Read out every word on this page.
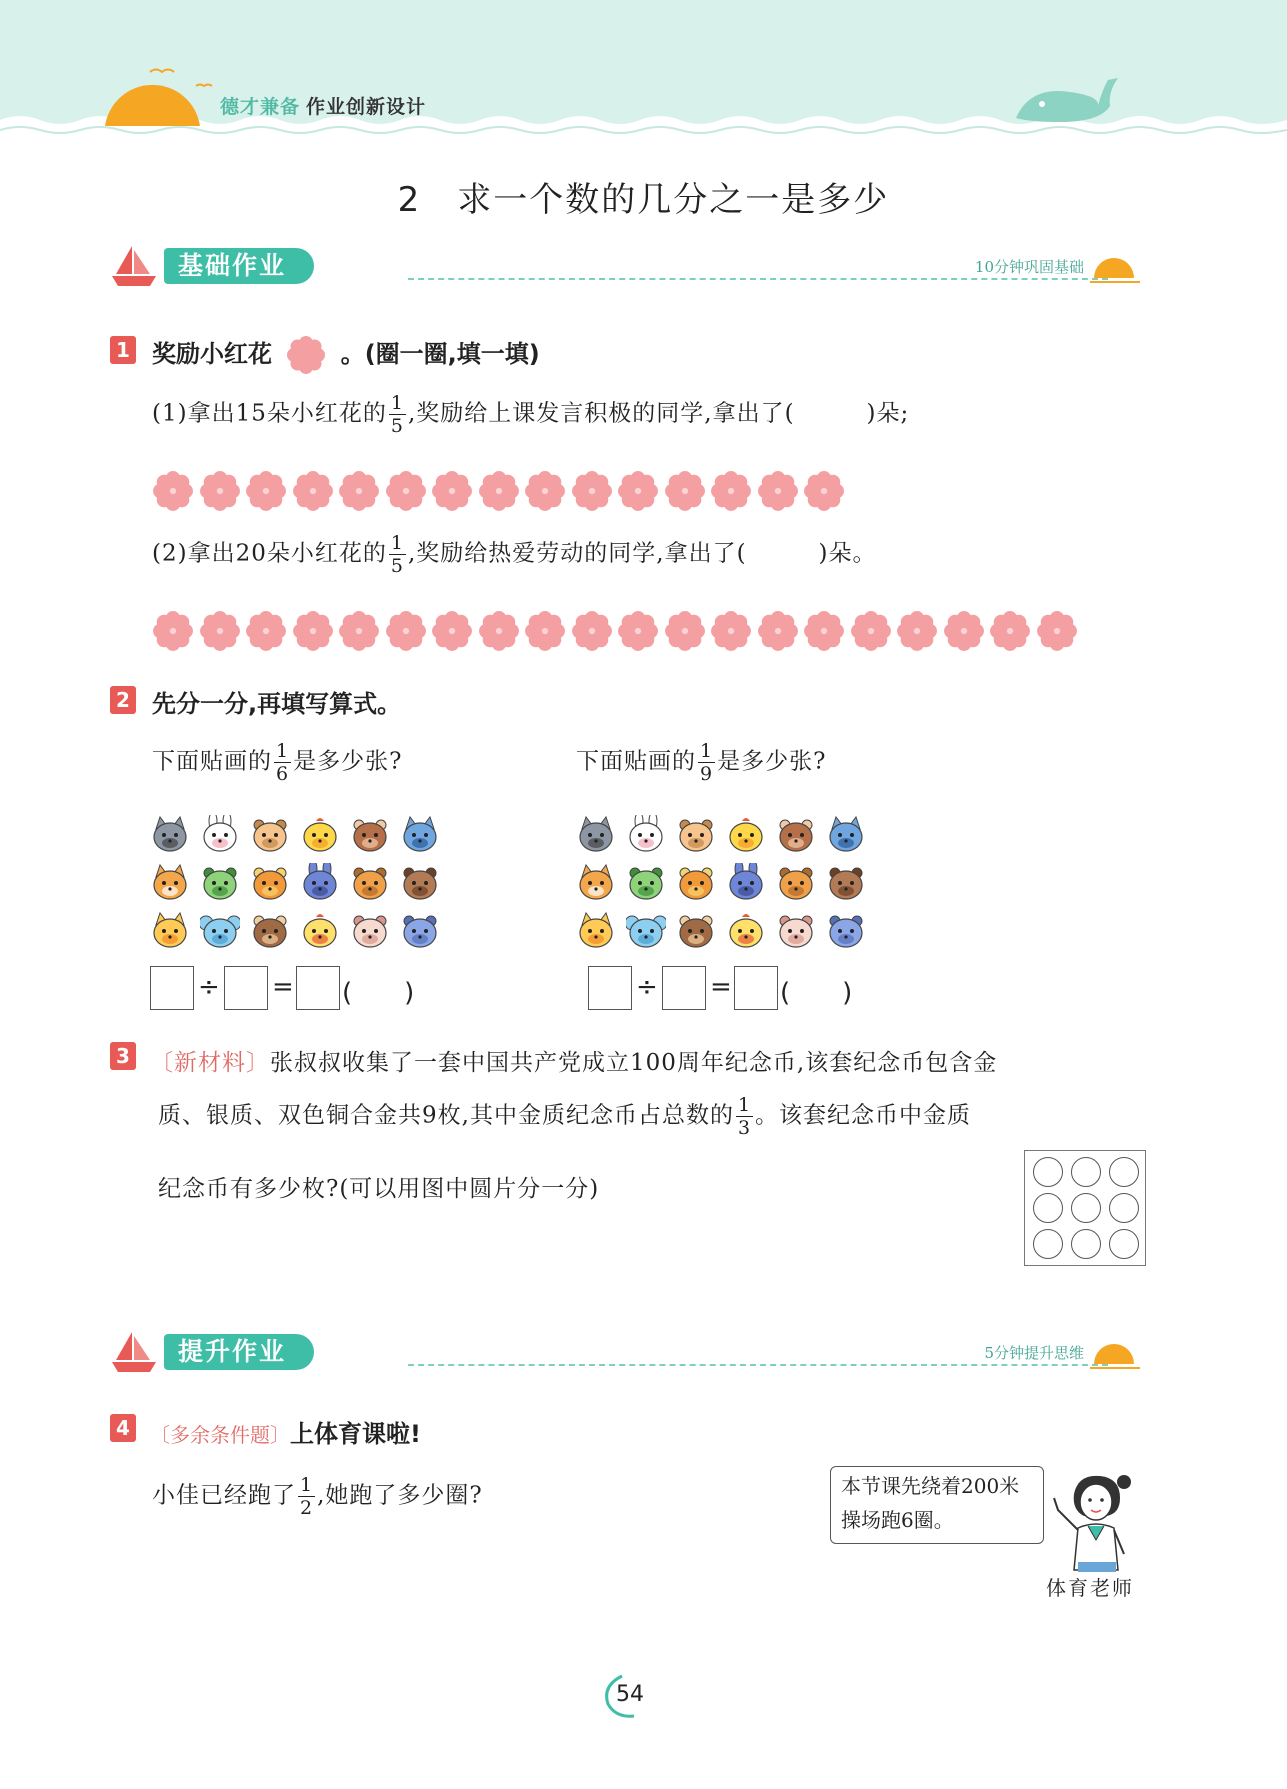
德才兼备 作业创新设计
2　求一个数的几分之一是多少
基础作业	10分钟巩固基础
1 奖励小红花	。(圈一圈,填一填)
(1)拿出15朵小红花的 $\frac{1}{5}$ ,奖励给上课发言积极的同学,拿出了(　　　)朵;
(2)拿出20朵小红花的 $\frac{1}{5}$ ,奖励给热爱劳动的同学,拿出了(　　　)朵。
2 先分一分,再填写算式。
下面贴画的 $\frac{1}{6}$ 是多少张?	下面贴画的 $\frac{1}{9}$ 是多少张?
÷ = (　　)	÷ = (　　)
3 〔新材料〕张叔叔收集了一套中国共产党成立100周年纪念币,该套纪念币包含金
质、银质、双色铜合金共9枚,其中金质纪念币占总数的 $\frac{1}{3}$ 。该套纪念币中金质
纪念币有多少枚?(可以用图中圆片分一分)
提升作业	5分钟提升思维
4	〔多余条件题〕上体育课啦!
小佳已经跑了 $\frac{1}{2}$ ,她跑了多少圈?	本节课先绕着200米
操场跑6圈。
体育老师
54
